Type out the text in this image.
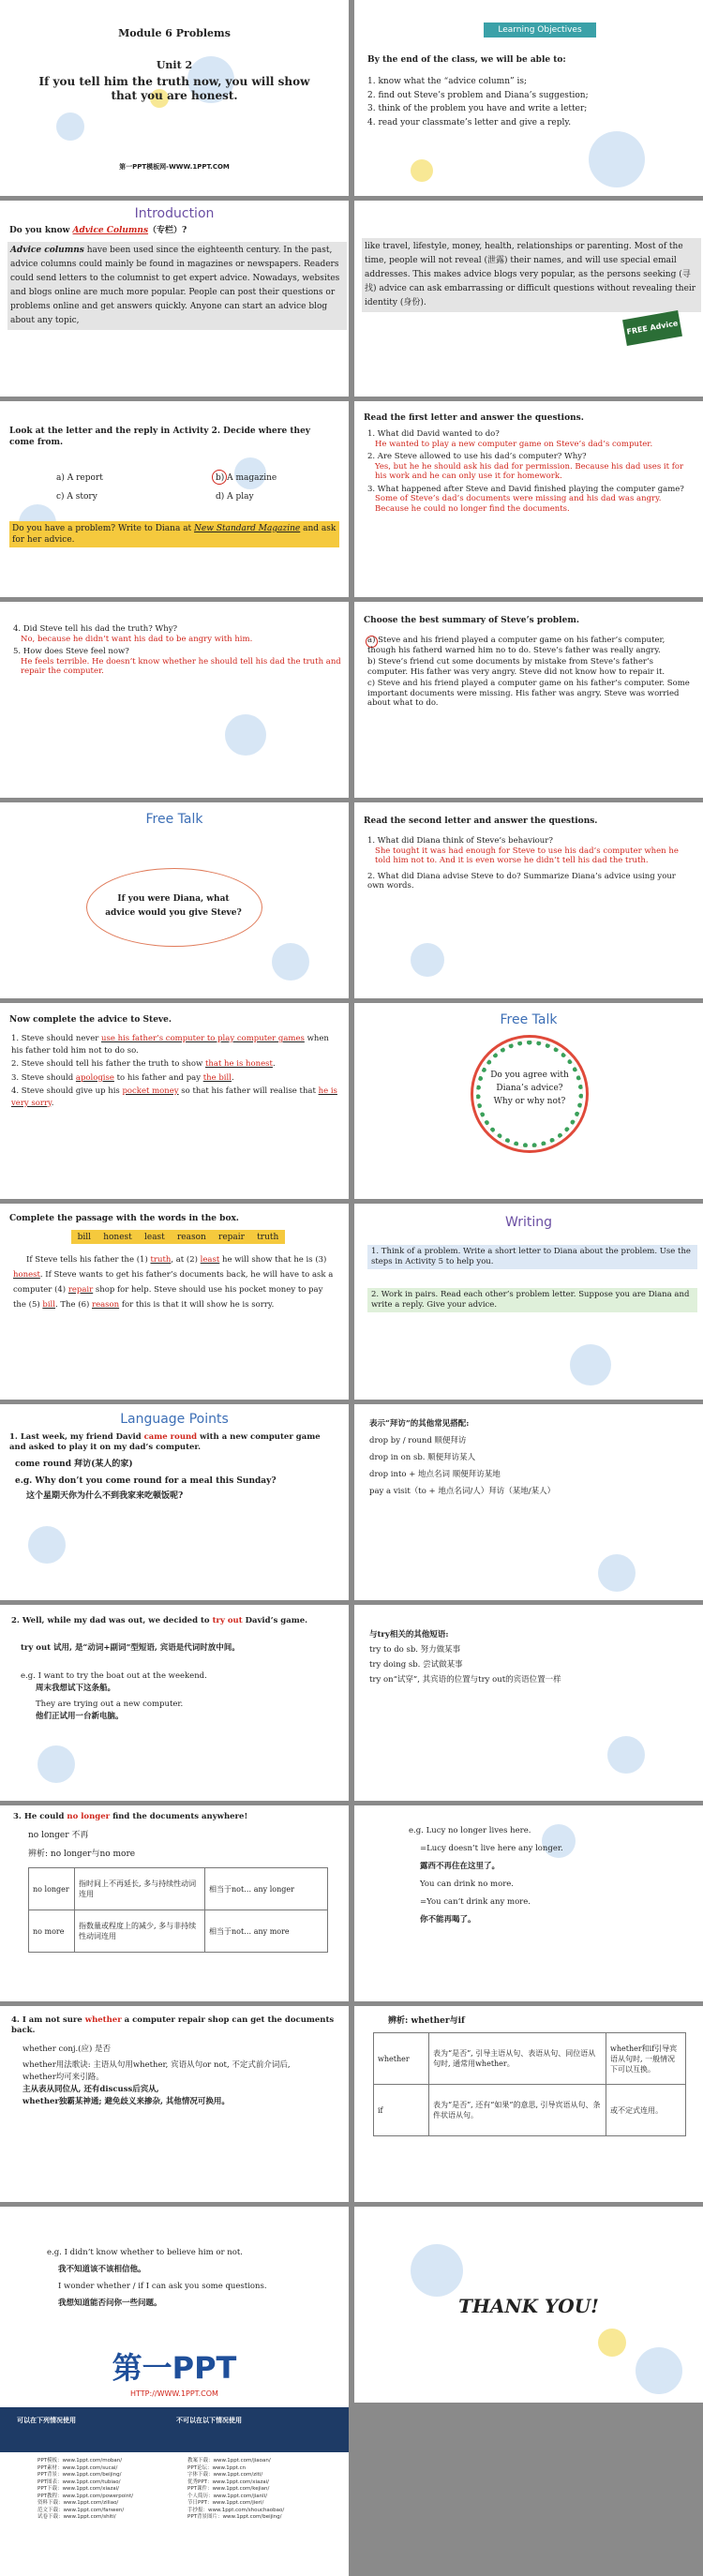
Module 6 Problems
Unit 2
If you tell him the truth now, you will show that you are honest.
第一PPT模板网-WWW.1PPT.COM
Learning Objectives
By the end of the class, we will be able to:
1. know what the “advice column” is;
2. find out Steve’s problem and Diana’s suggestion;
3. think of the problem you have and write a letter;
4. read your classmate’s letter and give a reply.
Introduction
Do you know Advice Columns（专栏）?
Advice columns have been used since the eighteenth century. In the past, advice columns could mainly be found in magazines or newspapers. Readers could send letters to the columnist to get expert advice. Nowadays, websites and blogs online are much more popular. People can post their questions or problems online and get answers quickly. Anyone can start an advice blog about any topic,
like travel, lifestyle, money, health, relationships or parenting. Most of the time, people will not reveal (泄露) their names, and will use special email addresses. This makes advice blogs very popular, as the persons seeking (寻找) advice can ask embarrassing or difficult questions without revealing their identity (身份).
FREE Advice
Look at the letter and the reply in Activity 2. Decide where they come from.
a) A report	b) A magazine
c) A story	d) A play
Do you have a problem? Write to Diana at New Standard Magazine and ask for her advice.
Read the first letter and answer the questions.
1. What did David wanted to do?
He wanted to play a new computer game on Steve’s dad’s computer.
2. Are Steve allowed to use his dad’s computer? Why?
Yes, but he he should ask his dad for permission. Because his dad uses it for his work and he can only use it for homework.
3. What happened after Steve and David finished playing the computer game?
Some of Steve’s dad’s documents were missing and his dad was angry. Because he could no longer find the documents.
4. Did Steve tell his dad the truth? Why?
No, because he didn’t want his dad to be angry with him.
5. How does Steve feel now?
He feels terrible. He doesn’t know whether he should tell his dad the truth and repair the computer.
Choose the best summary of Steve’s problem.
a) Steve and his friend played a computer game on his father’s computer, though his fatherd warned him no to do. Steve’s father was really angry.
b) Steve’s friend cut some documents by mistake from Steve’s father’s computer. His father was very angry. Steve did not know how to repair it.
c) Steve and his friend played a computer game on his father’s computer. Some important documents were missing. His father was angry. Steve was worried about what to do.
Free Talk
If you were Diana, what advice would you give Steve?
Read the second letter and answer the questions.
1. What did Diana think of Steve’s behaviour?
She tought it was had enough for Steve to use his dad’s computer when he told him not to. And it is even worse he didn’t tell his dad the truth.
2. What did Diana advise Steve to do? Summarize Diana’s advice using your own words.
Now complete the advice to Steve.
1. Steve should never use his father’s computer to play computer games when his father told him not to do so.
2. Steve should tell his father the truth to show that he is honest.
3. Steve should apologise to his father and pay the bill.
4. Steve should give up his pocket money so that his father will realise that he is very sorry.
Free Talk
Do you agree with Diana’s advice? Why or why not?
Complete the passage with the words in the box.
bill honest least reason repair truth
If Steve tells his father the (1) truth, at (2) least he will show that he is (3) honest. If Steve wants to get his father’s documents back, he will have to ask a computer (4) repair shop for help. Steve should use his pocket money to pay the (5) bill. The (6) reason for this is that it will show he is sorry.
Writing
1. Think of a problem. Write a short letter to Diana about the problem. Use the steps in Activity 5 to help you.
2. Work in pairs. Read each other’s problem letter. Suppose you are Diana and write a reply. Give your advice.
Language Points
1. Last week, my friend David came round with a new computer game and asked to play it on my dad’s computer.
come round 拜访(某人的家)
e.g. Why don’t you come round for a meal this Sunday?
这个星期天你为什么不到我家来吃顿饭呢?
表示“拜访”的其他常见搭配:
drop by / round 顺便拜访
drop in on sb. 顺便拜访某人
drop into + 地点名词 顺便拜访某地
pay a visit（to + 地点名词/人）拜访（某地/某人）
2. Well, while my dad was out, we decided to try out David’s game.
try out 试用, 是“动词+副词”型短语, 宾语是代词时放中间。
e.g. I want to try the boat out at the weekend.
周末我想试下这条船。
They are trying out a new computer.
他们正试用一台新电脑。
与try相关的其他短语:
try to do sb. 努力做某事
try doing sb. 尝试做某事
try on“试穿”, 其宾语的位置与try out的宾语位置一样
3. He could no longer find the documents anywhere!
no longer 不再
辨析: no longer与no more
no longer	指时间上不再延长, 多与持续性动词连用	相当于not… any longer
no more	指数量或程度上的减少, 多与非持续性动词连用	相当于not… any more
e.g. Lucy no longer lives here.
=Lucy doesn’t live here any longer.
露西不再住在这里了。
You can drink no more.
=You can’t drink any more.
你不能再喝了。
4. I am not sure whether a computer repair shop can get the documents back.
whether conj.(应) 是否
whether用法歌诀: 主语从句用whether, 宾语从句or not, 不定式前介词后,
whether均可来引路。
主从表从同位从, 还有discuss后宾从,
whether独霸某神通; 避免歧义来掺杂, 其他情况可换用。
辨析: whether与if
whether	表为“是否”, 引导主语从句、表语从句、同位语从句时, 通常用whether。	whether和if引导宾语从句时, 一般情况下可以互换。
if	表为“是否”, 还有“如果”的意思, 引导宾语从句、条件状语从句。	或不定式连用。
e.g. I didn’t know whether to believe him or not.
我不知道该不该相信他。
I wonder whether / if I can ask you some questions.
我想知道能否问你一些问题。	THANK YOU!
第一PPT
HTTP://WWW.1PPT.COM
可以在下列情况使用	不可以在以下情况使用
PPT模板：www.1ppt.com/moban/
PPT素材：www.1ppt.com/sucai/
PPT背景：www.1ppt.com/beijing/
PPT图表：www.1ppt.com/tubiao/
PPT下载：www.1ppt.com/xiazai/
PPT教程：www.1ppt.com/powerpoint/
资料下载：www.1ppt.com/ziliao/
范文下载：www.1ppt.com/fanwen/
试卷下载：www.1ppt.com/shiti/
教案下载：www.1ppt.com/jiaoan/
PPT论坛：www.1ppt.cn
字体下载：www.1ppt.com/ziti/
优秀PPT：www.1ppt.com/xiazai/
PPT课件：www.1ppt.com/kejian/
个人简历：www.1ppt.com/jianli/
节日PPT：www.1ppt.com/jieri/
手抄报：www.1ppt.com/shouchaobao/
PPT背景图片：www.1ppt.com/beijing/
